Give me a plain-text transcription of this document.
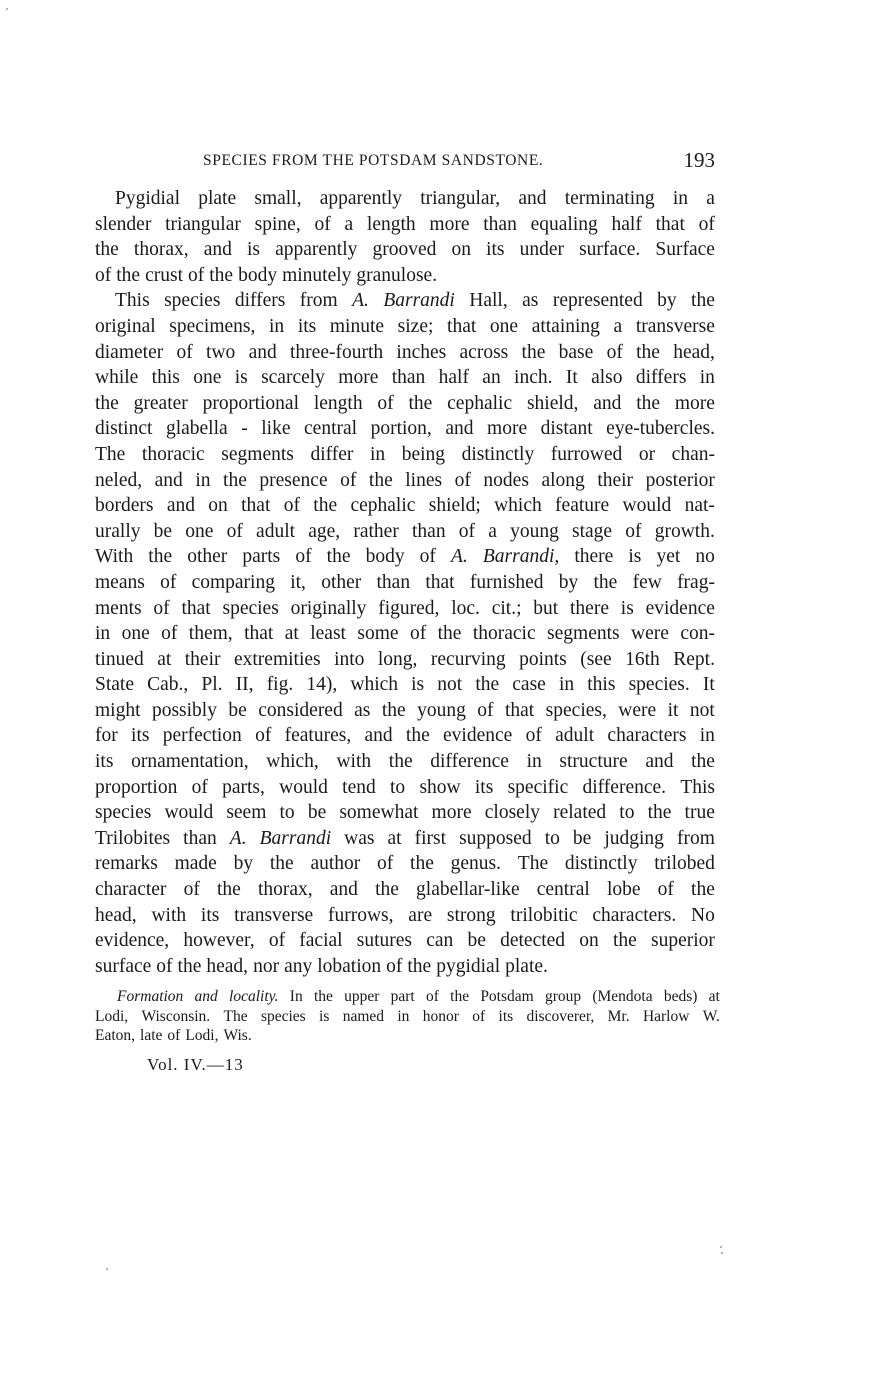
SPECIES FROM THE POTSDAM SANDSTONE.	193
Pygidial plate small, apparently triangular, and terminating in a
slender triangular spine, of a length more than equaling half that of
the thorax, and is apparently grooved on its under surface. Surface
of the crust of the body minutely granulose.
This species differs from A. Barrandi Hall, as represented by the
original specimens, in its minute size; that one attaining a transverse
diameter of two and three-fourth inches across the base of the head,
while this one is scarcely more than half an inch. It also differs in
the greater proportional length of the cephalic shield, and the more
distinct glabella - like central portion, and more distant eye-tubercles.
The thoracic segments differ in being distinctly furrowed or chan-
neled, and in the presence of the lines of nodes along their posterior
borders and on that of the cephalic shield; which feature would nat-
urally be one of adult age, rather than of a young stage of growth.
With the other parts of the body of A. Barrandi, there is yet no
means of comparing it, other than that furnished by the few frag-
ments of that species originally figured, loc. cit.; but there is evidence
in one of them, that at least some of the thoracic segments were con-
tinued at their extremities into long, recurving points (see 16th Rept.
State Cab., Pl. II, fig. 14), which is not the case in this species. It
might possibly be considered as the young of that species, were it not
for its perfection of features, and the evidence of adult characters in
its ornamentation, which, with the difference in structure and the
proportion of parts, would tend to show its specific difference. This
species would seem to be somewhat more closely related to the true
Trilobites than A. Barrandi was at first supposed to be judging from
remarks made by the author of the genus. The distinctly trilobed
character of the thorax, and the glabellar-like central lobe of the
head, with its transverse furrows, are strong trilobitic characters. No
evidence, however, of facial sutures can be detected on the superior
surface of the head, nor any lobation of the pygidial plate.
Formation and locality. In the upper part of the Potsdam group (Mendota beds) at
Lodi, Wisconsin. The species is named in honor of its discoverer, Mr. Harlow W.
Eaton, late of Lodi, Wis.
Vol. IV.—13
